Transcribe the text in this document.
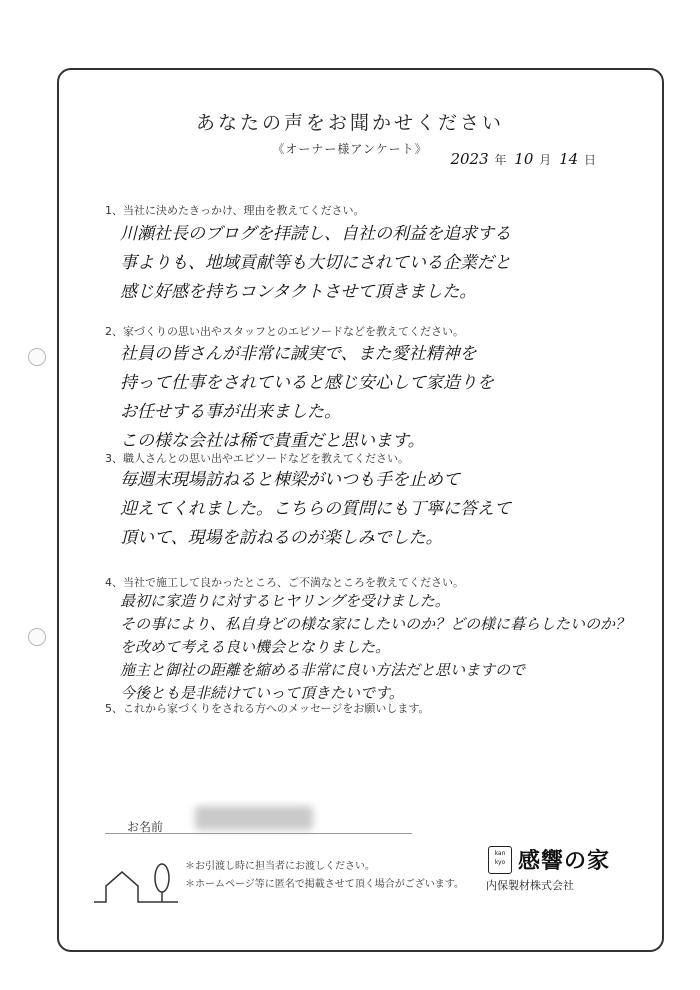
あなたの声をお聞かせください
《オーナー様アンケート》
2023 年 10 月 14 日
1、当社に決めたきっかけ、理由を教えてください。
川瀬社長のブログを拝読し、自社の利益を追求する
事よりも、地域貢献等も大切にされている企業だと
感じ好感を持ちコンタクトさせて頂きました。
2、家づくりの思い出やスタッフとのエピソードなどを教えてください。
社員の皆さんが非常に誠実で、また愛社精神を
持って仕事をされていると感じ安心して家造りを
お任せする事が出来ました。
この様な会社は稀で貴重だと思います。
3、職人さんとの思い出やエピソードなどを教えてください。
毎週末現場訪ねると棟梁がいつも手を止めて
迎えてくれました。こちらの質問にも丁寧に答えて
頂いて、現場を訪ねるのが楽しみでした。
4、当社で施工して良かったところ、ご不満なところを教えてください。
最初に家造りに対するヒヤリングを受けました。
その事により、私自身どの様な家にしたいのか？どの様に暮らしたいのか？
を改めて考える良い機会となりました。
施主と御社の距離を縮める非常に良い方法だと思いますので
今後とも是非続けていって頂きたいです。
5、これから家づくりをされる方へのメッセージをお願いします。
お名前
＊お引渡し時に担当者にお渡しください。
＊ホームページ等に匿名で掲載させて頂く場合がございます。
kan kyo 感響の家
内保製材株式会社
